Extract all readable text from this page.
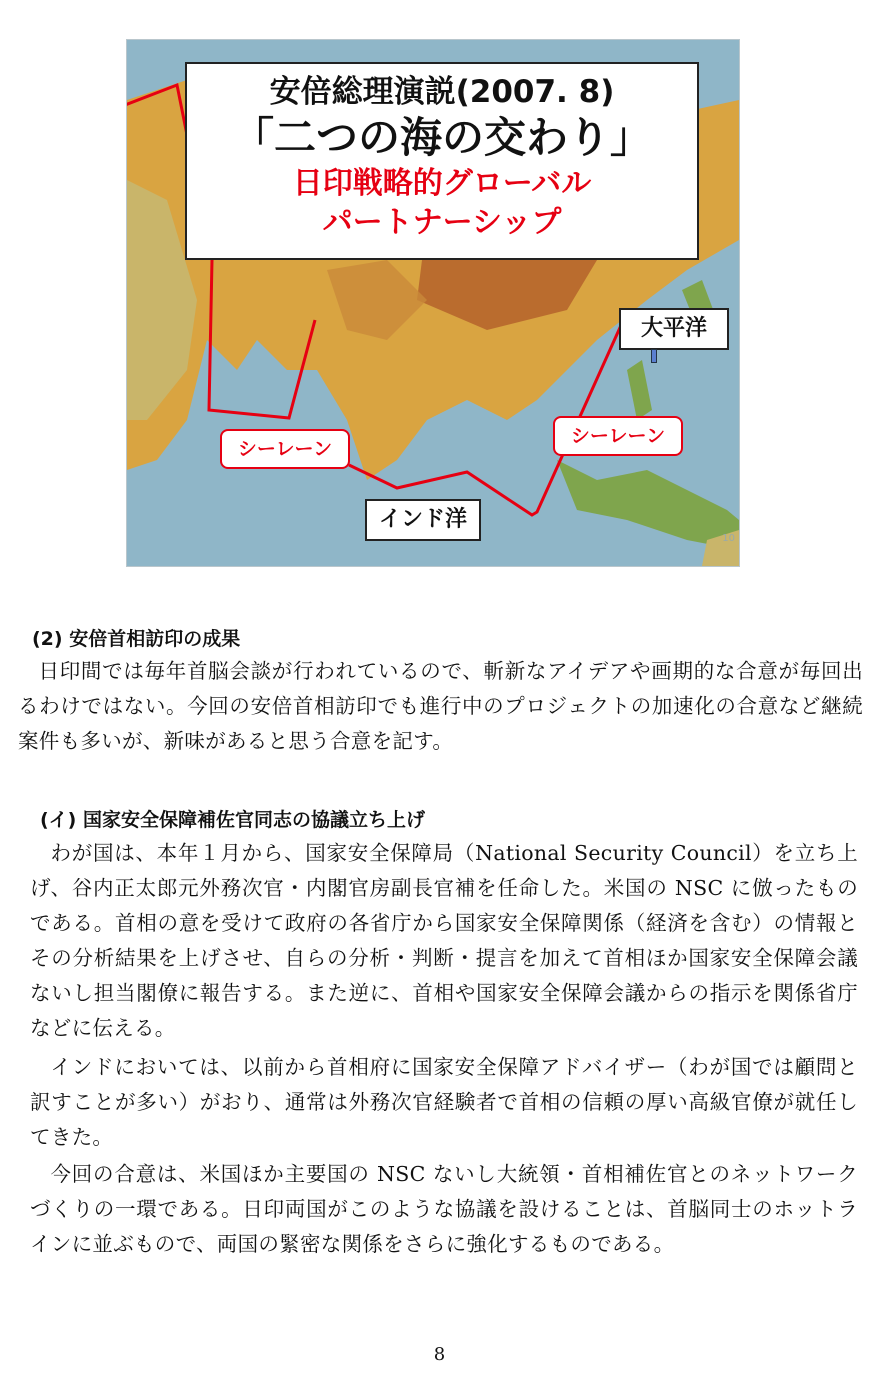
安倍総理演説(2007. 8)
「二つの海の交わり」
日印戦略的グローバル
パートナーシップ
大平洋
インド洋
シーレーン
シーレーン
10
(2) 安倍首相訪印の成果
日印間では毎年首脳会談が行われているので、斬新なアイデアや画期的な合意が毎回出るわけではない。今回の安倍首相訪印でも進行中のプロジェクトの加速化の合意など継続案件も多いが、新味があると思う合意を記す。
(イ) 国家安全保障補佐官同志の協議立ち上げ
わが国は、本年１月から、国家安全保障局（National Security Council）を立ち上げ、谷内正太郎元外務次官・内閣官房副長官補を任命した。米国の NSC に倣ったものである。首相の意を受けて政府の各省庁から国家安全保障関係（経済を含む）の情報とその分析結果を上げさせ、自らの分析・判断・提言を加えて首相ほか国家安全保障会議ないし担当閣僚に報告する。また逆に、首相や国家安全保障会議からの指示を関係省庁などに伝える。
インドにおいては、以前から首相府に国家安全保障アドバイザー（わが国では顧問と訳すことが多い）がおり、通常は外務次官経験者で首相の信頼の厚い高級官僚が就任してきた。
今回の合意は、米国ほか主要国の NSC ないし大統領・首相補佐官とのネットワークづくりの一環である。日印両国がこのような協議を設けることは、首脳同士のホットラインに並ぶもので、両国の緊密な関係をさらに強化するものである。
8
